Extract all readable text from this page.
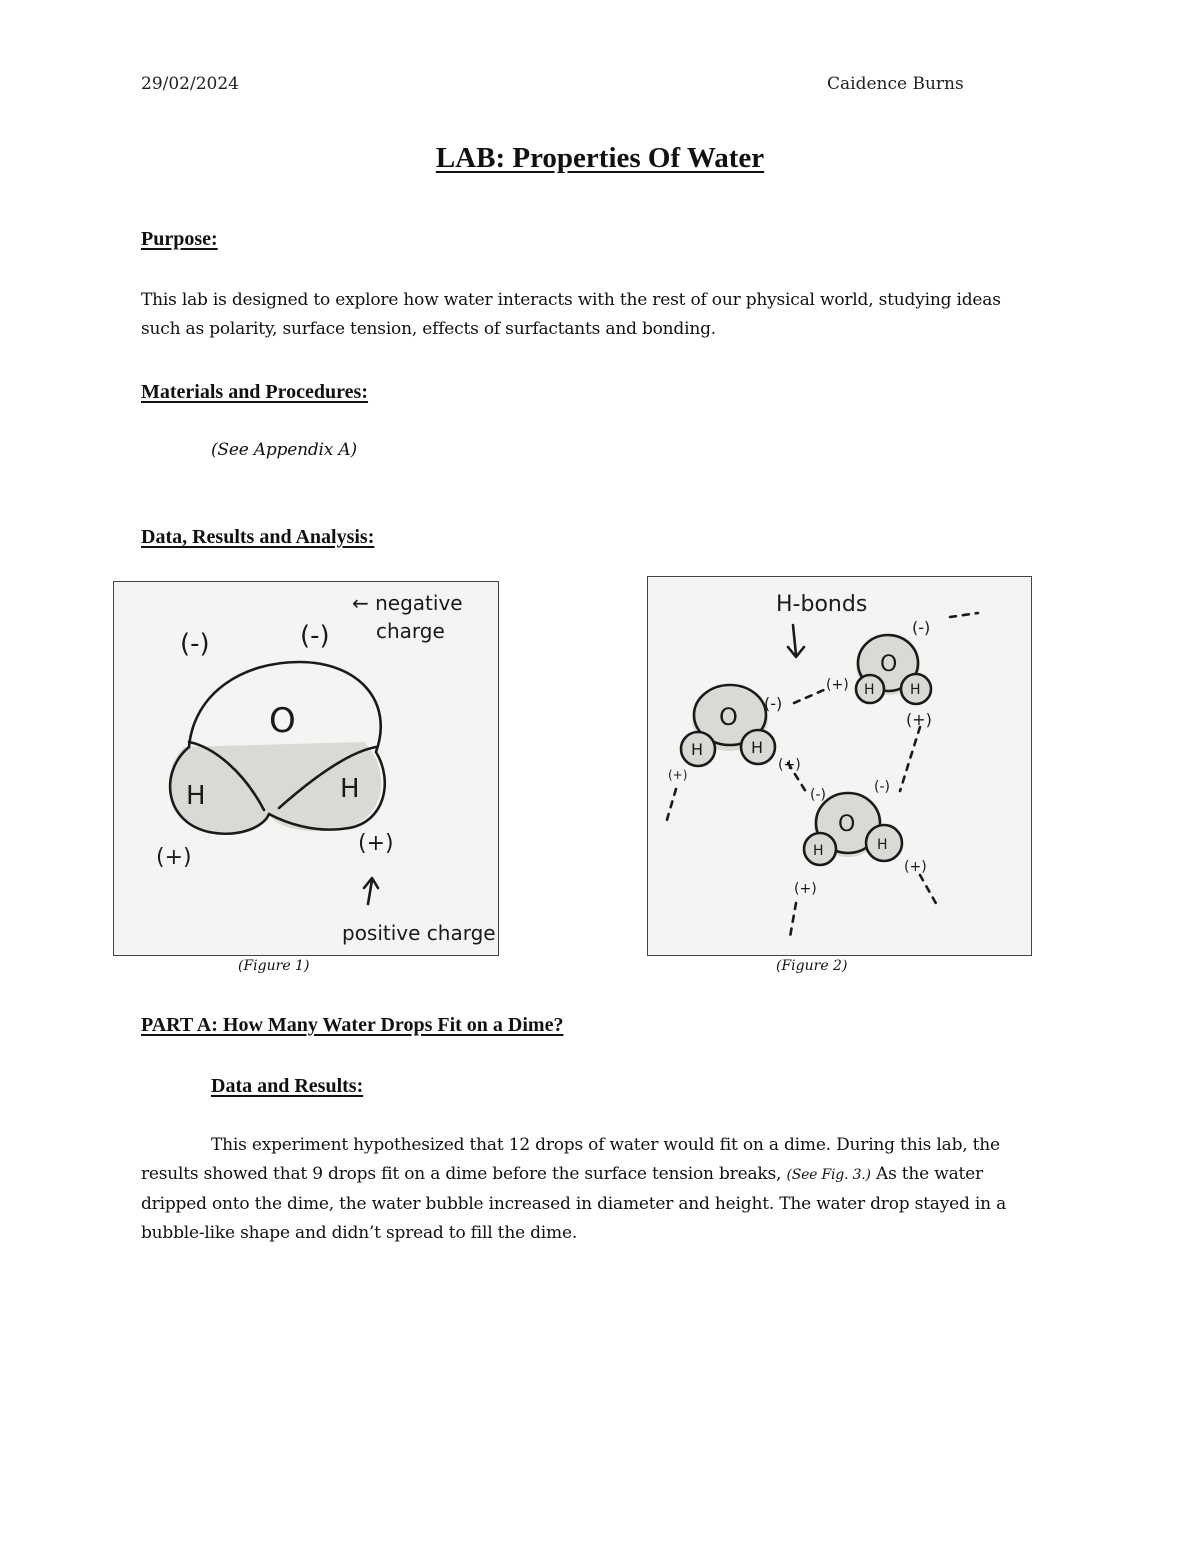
29/02/2024	Caidence Burns
LAB: Properties Of Water
Purpose:
This lab is designed to explore how water interacts with the rest of our physical world, studying ideas
such as polarity, surface tension, effects of surfactants and bonding.
Materials and Procedures:
(See Appendix A)
Data, Results and Analysis:
O
H	H
(-)	(-)
← negative
charge
(+)
(+)
positive charge
(Figure 1)
H-bonds
O
H	H
O
H	H
O
H	H
(-)
(+)
(-)
(+)
(+)
(+)
(-)	(-)
(+)
(+)
(Figure 2)
PART A: How Many Water Drops Fit on a Dime?
Data and Results:
This experiment hypothesized that 12 drops of water would fit on a dime. During this lab, the
results showed that 9 drops fit on a dime before the surface tension breaks, (See Fig. 3.) As the water
dripped onto the dime, the water bubble increased in diameter and height. The water drop stayed in a
bubble-like shape and didn’t spread to fill the dime.
